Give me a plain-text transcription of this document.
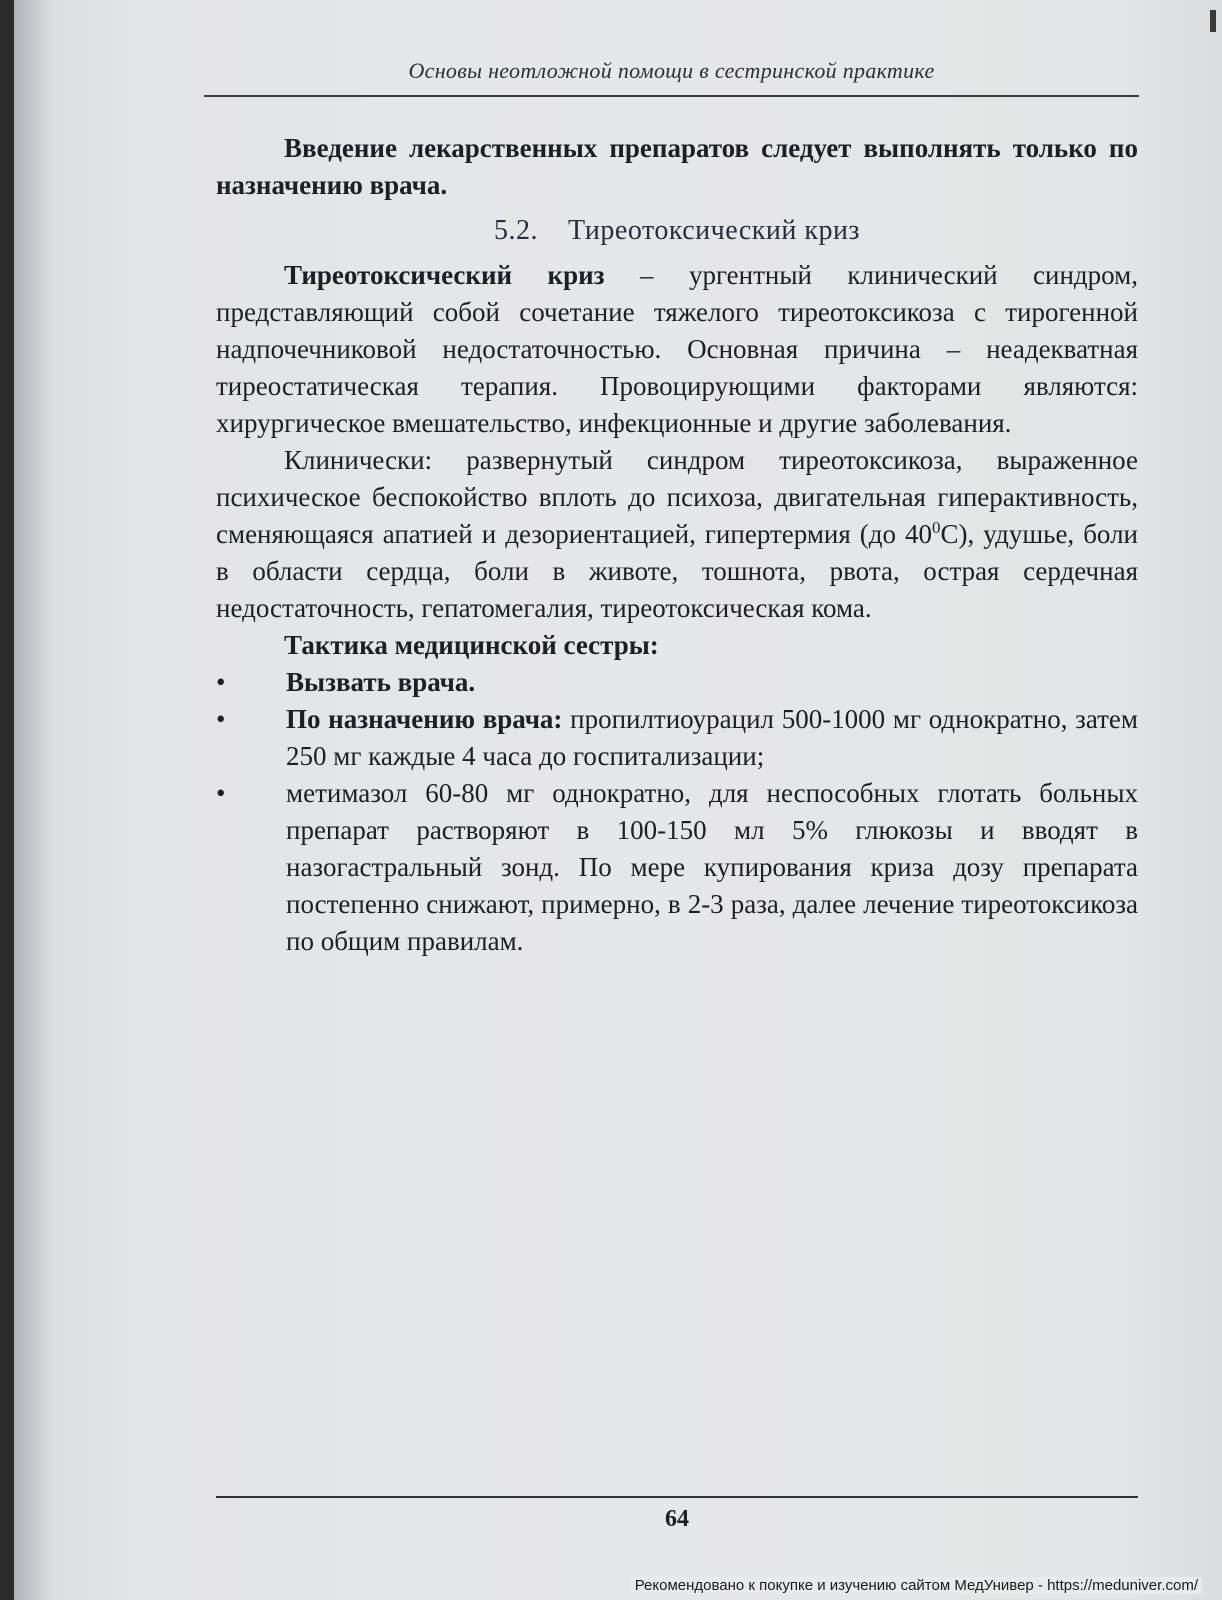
Основы неотложной помощи в сестринской практике

Введение лекарственных препаратов следует выполнять только по назначению врача.

5.2. Тиреотоксический криз

Тиреотоксический криз – ургентный клинический синдром, представляющий собой сочетание тяжелого тиреотоксикоза с тирогенной надпочечниковой недостаточностью. Основная причина – неадекватная тиреостатическая терапия. Провоцирующими факторами являются: хирургическое вмешательство, инфекционные и другие заболевания.

Клинически: развернутый синдром тиреотоксикоза, выраженное психическое беспокойство вплоть до психоза, двигательная гиперактивность, сменяющаяся апатией и дезориентацией, гипертермия (до $40^0С$), удушье, боли в области сердца, боли в животе, тошнота, рвота, острая сердечная недостаточность, гепатомегалия, тиреотоксическая кома.

Тактика медицинской сестры:

•	Вызвать врача.

•	По назначению врача: пропилтиоурацил 500-1000 мг однократно, затем 250 мг каждые 4 часа до госпитализации;

•	метимазол 60-80 мг однократно, для неспособных глотать больных препарат растворяют в 100-150 мл 5% глюкозы и вводят в назогастральный зонд. По мере купирования криза дозу препарата постепенно снижают, примерно, в 2-3 раза, далее лечение тиреотоксикоза по общим правилам.

64
Рекомендовано к покупке и изучению сайтом МедУнивер - https://meduniver.com/
